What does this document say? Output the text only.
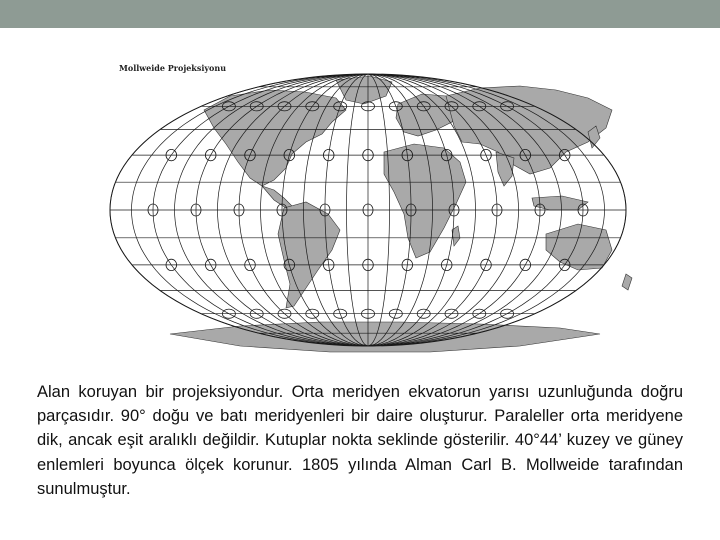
Mollweide Projeksiyonu

Alan koruyan bir projeksiyondur. Orta meridyen ekvatorun yarısı uzunluğunda doğru parçasıdır. 90° doğu ve batı meridyenleri bir daire oluşturur. Paraleller orta meridyene dik, ancak eşit aralıklı değildir. Kutuplar nokta seklinde gösterilir. 40°44’ kuzey ve güney enlemleri boyunca ölçek korunur. 1805 yılında Alman Carl B. Mollweide tarafından sunulmuştur.
